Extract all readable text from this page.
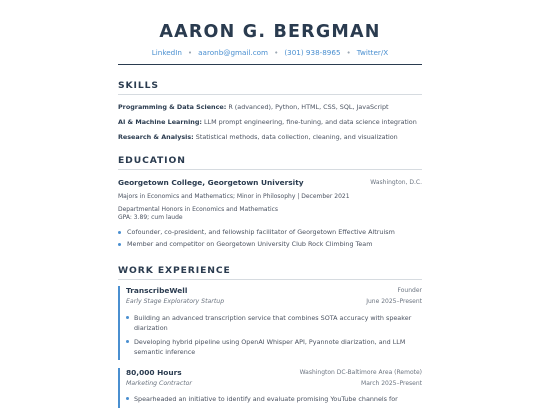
AARON G. BERGMAN
LinkedIn • aaronb@gmail.com • (301) 938-8965 • Twitter/X
SKILLS
Programming & Data Science: R (advanced), Python, HTML, CSS, SQL, JavaScript
AI & Machine Learning: LLM prompt engineering, fine-tuning, and data science integration
Research & Analysis: Statistical methods, data collection, cleaning, and visualization
EDUCATION
Georgetown College, Georgetown University	Washington, D.C.
Majors in Economics and Mathematics; Minor in Philosophy | December 2021
Departmental Honors in Economics and Mathematics
GPA: 3.89; cum laude
Cofounder, co-president, and fellowship facilitator of Georgetown Effective Altruism
Member and competitor on Georgetown University Club Rock Climbing Team
WORK EXPERIENCE
TranscribeWell	Founder
Early Stage Exploratory Startup	June 2025–Present
Building an advanced transcription service that combines SOTA accuracy with speaker diarization
Developing hybrid pipeline using OpenAI Whisper API, Pyannote diarization, and LLM semantic inference
80,000 Hours	Washington DC-Baltimore Area (Remote)
Marketing Contractor	March 2025–Present
Spearheaded an initiative to identify and evaluate promising YouTube channels for
